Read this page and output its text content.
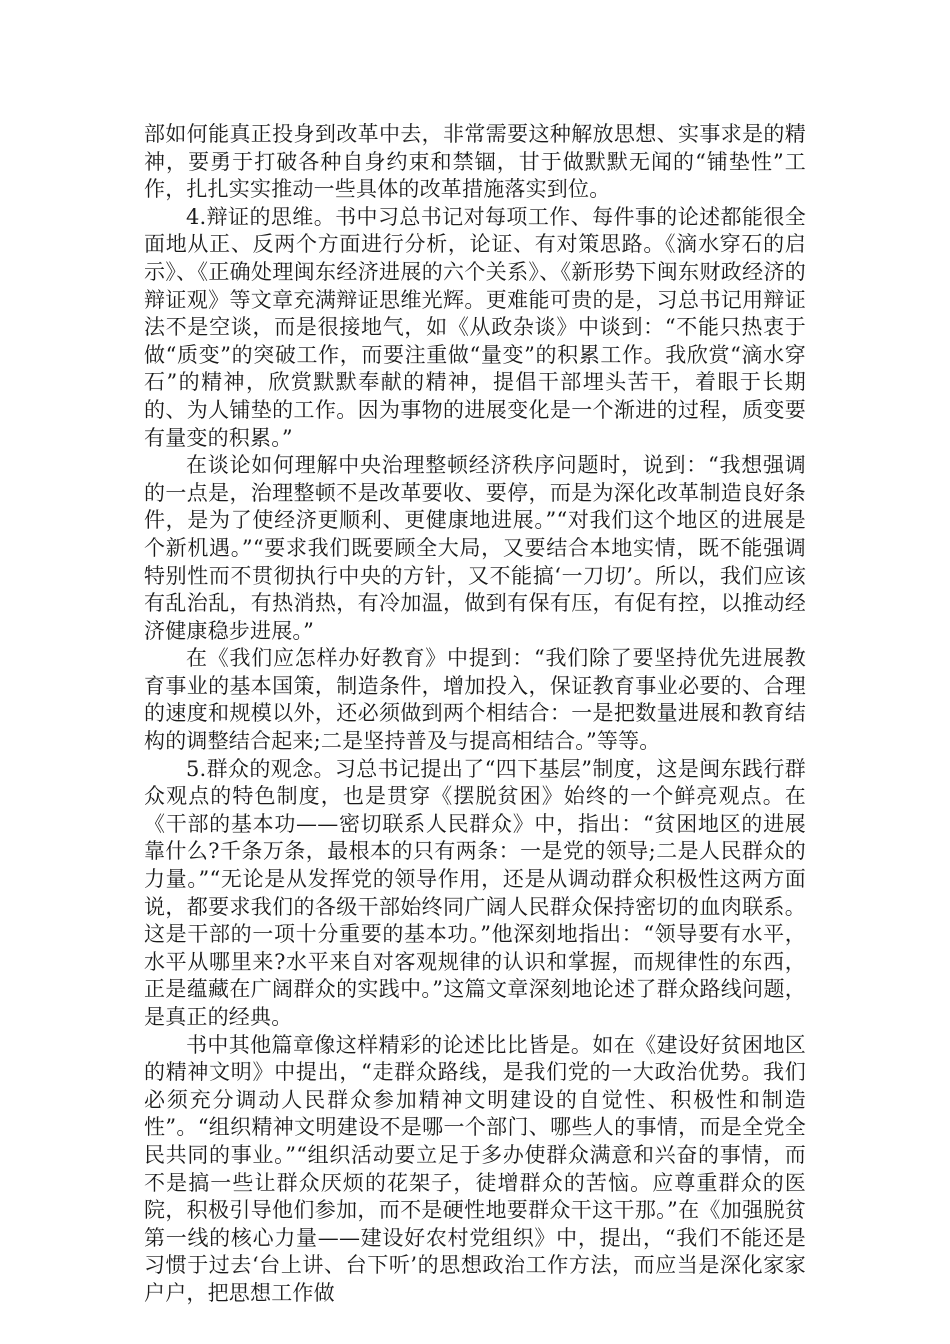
部如何能真正投身到改革中去，非常需要这种解放思想、实事求是的精神，要勇于打破各种自身约束和禁锢，甘于做默默无闻的“铺垫性”工作，扎扎实实推动一些具体的改革措施落实到位。

4.辩证的思维。书中习总书记对每项工作、每件事的论述都能很全面地从正、反两个方面进行分析，论证、有对策思路。《滴水穿石的启示》、《正确处理闽东经济进展的六个关系》、《新形势下闽东财政经济的辩证观》等文章充满辩证思维光辉。更难能可贵的是，习总书记用辩证法不是空谈，而是很接地气，如《从政杂谈》中谈到：“不能只热衷于做“质变”的突破工作，而要注重做“量变”的积累工作。我欣赏“滴水穿石”的精神，欣赏默默奉献的精神，提倡干部埋头苦干，着眼于长期的、为人铺垫的工作。因为事物的进展变化是一个渐进的过程，质变要有量变的积累。”

在谈论如何理解中央治理整顿经济秩序问题时，说到：“我想强调的一点是，治理整顿不是改革要收、要停，而是为深化改革制造良好条件，是为了使经济更顺利、更健康地进展。”“对我们这个地区的进展是个新机遇。”“要求我们既要顾全大局，又要结合本地实情，既不能强调特别性而不贯彻执行中央的方针，又不能搞‘一刀切’。所以，我们应该有乱治乱，有热消热，有冷加温，做到有保有压，有促有控，以推动经济健康稳步进展。”

在《我们应怎样办好教育》中提到：“我们除了要坚持优先进展教育事业的基本国策，制造条件，增加投入，保证教育事业必要的、合理的速度和规模以外，还必须做到两个相结合：一是把数量进展和教育结构的调整结合起来;二是坚持普及与提高相结合。”等等。

5.群众的观念。习总书记提出了“四下基层”制度，这是闽东践行群众观点的特色制度，也是贯穿《摆脱贫困》始终的一个鲜亮观点。在《干部的基本功——密切联系人民群众》中，指出：“贫困地区的进展靠什么?千条万条，最根本的只有两条：一是党的领导;二是人民群众的力量。”“无论是从发挥党的领导作用，还是从调动群众积极性这两方面说，都要求我们的各级干部始终同广阔人民群众保持密切的血肉联系。这是干部的一项十分重要的基本功。”他深刻地指出：“领导要有水平，水平从哪里来?水平来自对客观规律的认识和掌握，而规律性的东西，正是蕴藏在广阔群众的实践中。”这篇文章深刻地论述了群众路线问题，是真正的经典。

书中其他篇章像这样精彩的论述比比皆是。如在《建设好贫困地区的精神文明》中提出，“走群众路线，是我们党的一大政治优势。我们必须充分调动人民群众参加精神文明建设的自觉性、积极性和制造性”。“组织精神文明建设不是哪一个部门、哪些人的事情，而是全党全民共同的事业。”“组织活动要立足于多办使群众满意和兴奋的事情，而不是搞一些让群众厌烦的花架子，徒增群众的苦恼。应尊重群众的医院，积极引导他们参加，而不是硬性地要群众干这干那。”在《加强脱贫第一线的核心力量——建设好农村党组织》中，提出，“我们不能还是习惯于过去‘台上讲、台下听’的思想政治工作方法，而应当是深化家家户户，把思想工作做
